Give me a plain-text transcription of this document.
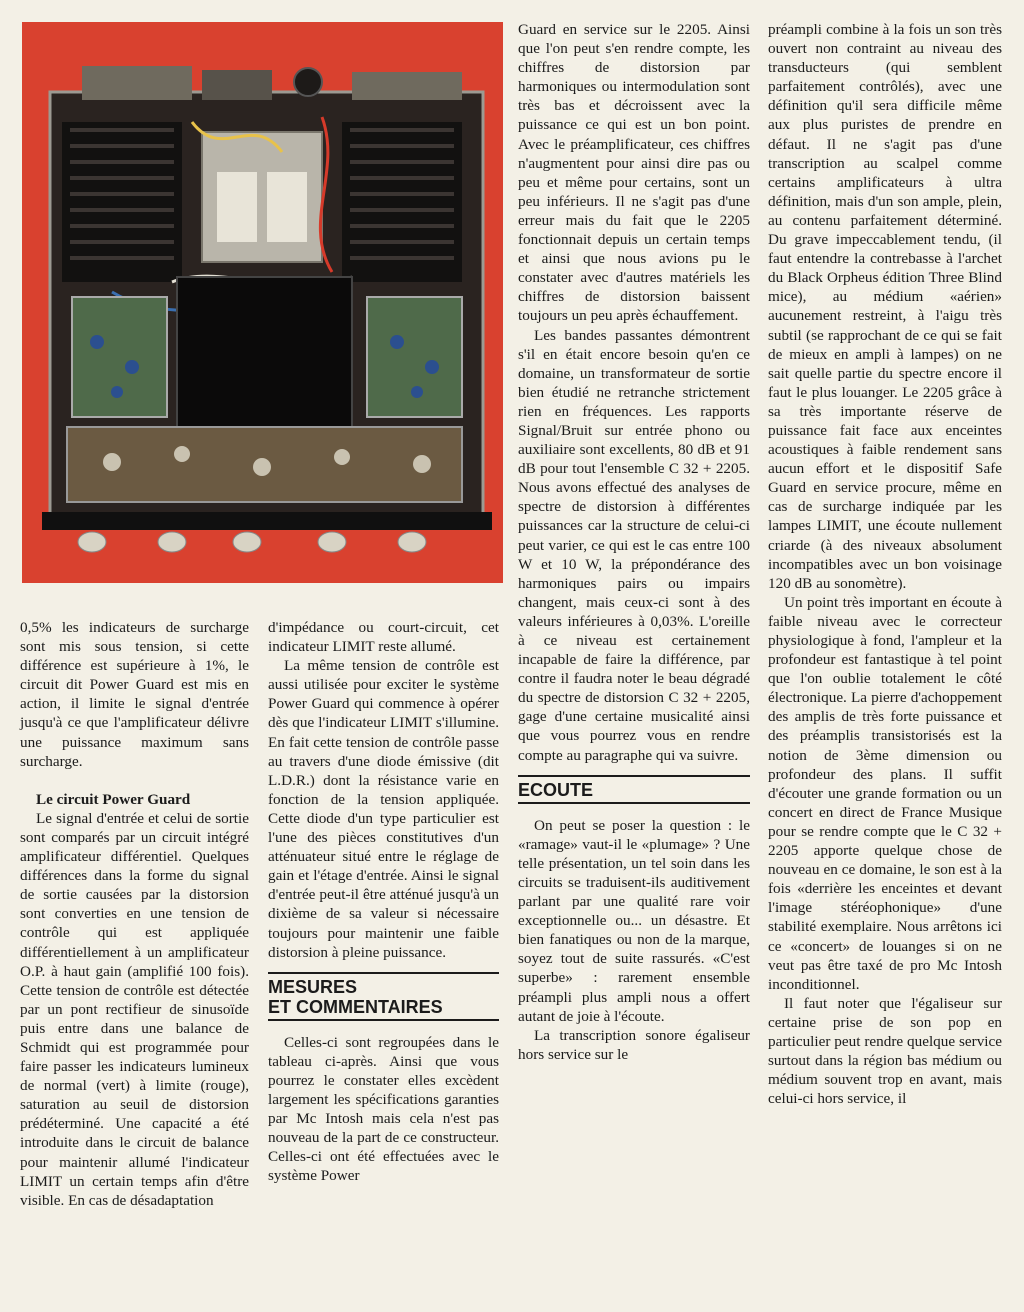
0,5% les indicateurs de surcharge sont mis sous tension, si cette différence est supérieure à 1%, le circuit dit Power Guard est mis en action, il limite le signal d'entrée jusqu'à ce que l'amplificateur délivre une puissance maximum sans surcharge.

Le circuit Power Guard

Le signal d'entrée et celui de sortie sont comparés par un circuit intégré amplificateur différentiel. Quelques différences dans la forme du signal de sortie causées par la distorsion sont converties en une tension de contrôle qui est appliquée différentiellement à un amplificateur O.P. à haut gain (amplifié 100 fois). Cette tension de contrôle est détectée par un pont rectifieur de sinusoïde puis entre dans une balance de Schmidt qui est programmée pour faire passer les indicateurs lumineux de normal (vert) à limite (rouge), saturation au seuil de distorsion prédéterminé. Une capacité a été introduite dans le circuit de balance pour maintenir allumé l'indicateur LIMIT un certain temps afin d'être visible. En cas de désadaptation

d'impédance ou court-circuit, cet indicateur LIMIT reste allumé.

La même tension de contrôle est aussi utilisée pour exciter le système Power Guard qui commence à opérer dès que l'indicateur LIMIT s'illumine. En fait cette tension de contrôle passe au travers d'une diode émissive (dit L.D.R.) dont la résistance varie en fonction de la tension appliquée. Cette diode d'un type particulier est l'une des pièces constitutives d'un atténuateur situé entre le réglage de gain et l'étage d'entrée. Ainsi le signal d'entrée peut-il être atténué jusqu'à un dixième de sa valeur si nécessaire toujours pour maintenir une faible distorsion à pleine puissance.

MESURES
ET COMMENTAIRES

Celles-ci sont regroupées dans le tableau ci-après. Ainsi que vous pourrez le constater elles excèdent largement les spécifications garanties par Mc Intosh mais cela n'est pas nouveau de la part de ce constructeur. Celles-ci ont été effectuées avec le système Power

Guard en service sur le 2205. Ainsi que l'on peut s'en rendre compte, les chiffres de distorsion par harmoniques ou intermodulation sont très bas et décroissent avec la puissance ce qui est un bon point. Avec le préamplificateur, ces chiffres n'augmentent pour ainsi dire pas ou peu et même pour certains, sont un peu inférieurs. Il ne s'agit pas d'une erreur mais du fait que le 2205 fonctionnait depuis un certain temps et ainsi que nous avions pu le constater avec d'autres matériels les chiffres de distorsion baissent toujours un peu après échauffement.

Les bandes passantes démontrent s'il en était encore besoin qu'en ce domaine, un transformateur de sortie bien étudié ne retranche strictement rien en fréquences. Les rapports Signal/Bruit sur entrée phono ou auxiliaire sont excellents, 80 dB et 91 dB pour tout l'ensemble C 32 + 2205. Nous avons effectué des analyses de spectre de distorsion à différentes puissances car la structure de celui-ci peut varier, ce qui est le cas entre 100 W et 10 W, la prépondérance des harmoniques pairs ou impairs changent, mais ceux-ci sont à des valeurs inférieures à 0,03%. L'oreille à ce niveau est certainement incapable de faire la différence, par contre il faudra noter le beau dégradé du spectre de distorsion C 32 + 2205, gage d'une certaine musicalité ainsi que vous pourrez vous en rendre compte au paragraphe qui va suivre.

ECOUTE

On peut se poser la question : le «ramage» vaut-il le «plumage» ? Une telle présentation, un tel soin dans les circuits se traduisent-ils auditivement parlant par une qualité rare voir exceptionnelle ou... un désastre. Et bien fanatiques ou non de la marque, soyez tout de suite rassurés. «C'est superbe» : rarement ensemble préampli plus ampli nous a offert autant de joie à l'écoute.

La transcription sonore égaliseur hors service sur le

préampli combine à la fois un son très ouvert non contraint au niveau des transducteurs (qui semblent parfaitement contrôlés), avec une définition qu'il sera difficile même aux plus puristes de prendre en défaut. Il ne s'agit pas d'une transcription au scalpel comme certains amplificateurs à ultra définition, mais d'un son ample, plein, au contenu parfaitement déterminé. Du grave impeccablement tendu, (il faut entendre la contrebasse à l'archet du Black Orpheus édition Three Blind mice), au médium «aérien» aucunement restreint, à l'aigu très subtil (se rapprochant de ce qui se fait de mieux en ampli à lampes) on ne sait quelle partie du spectre encore il faut le plus louanger. Le 2205 grâce à sa très importante réserve de puissance fait face aux enceintes acoustiques à faible rendement sans aucun effort et le dispositif Safe Guard en service procure, même en cas de surcharge indiquée par les lampes LIMIT, une écoute nullement criarde (à des niveaux absolument incompatibles avec un bon voisinage 120 dB au sonomètre).

Un point très important en écoute à faible niveau avec le correcteur physiologique à fond, l'ampleur et la profondeur est fantastique à tel point que l'on oublie totalement le côté électronique. La pierre d'achoppement des amplis de très forte puissance et des préamplis transistorisés est la notion de 3ème dimension ou profondeur des plans. Il suffit d'écouter une grande formation ou un concert en direct de France Musique pour se rendre compte que le C 32 + 2205 apporte quelque chose de nouveau en ce domaine, le son est à la fois «derrière les enceintes et devant l'image stéréophonique» d'une stabilité exemplaire. Nous arrêtons ici ce «concert» de louanges si on ne veut pas être taxé de pro Mc Intosh inconditionnel.

Il faut noter que l'égaliseur sur certaine prise de son pop en particulier peut rendre quelque service surtout dans la région bas médium ou médium souvent trop en avant, mais celui-ci hors service, il
